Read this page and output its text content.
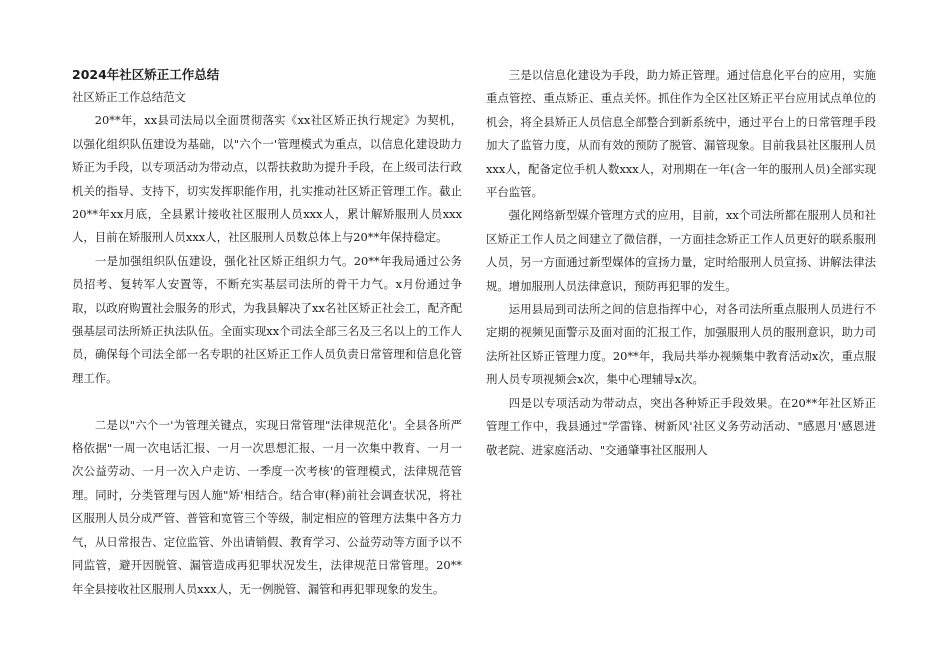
2024年社区矫正工作总结

社区矫正工作总结范文

20**年，xx县司法局以全面贯彻落实《xx社区矫正执行规定》为契机，以强化组织队伍建设为基础，以"六个一'管理模式为重点，以信息化建设助力矫正为手段，以专项活动为带动点，以帮扶救助为提升手段，在上级司法行政机关的指导、支持下，切实发挥职能作用，扎实推动社区矫正管理工作。截止20**年xx月底，全县累计接收社区服刑人员xxx人，累计解矫服刑人员xxx人，目前在矫服刑人员xxx人，社区服刑人员数总体上与20**年保持稳定。

一是加强组织队伍建设，强化社区矫正组织力气。20**年我局通过公务员招考、复转军人安置等，不断充实基层司法所的骨干力气。x月份通过争取，以政府购置社会服务的形式，为我县解决了xx名社区矫正社会工，配齐配强基层司法所矫正执法队伍。全面实现xx个司法全部三名及三名以上的工作人员，确保每个司法全部一名专职的社区矫正工作人员负责日常管理和信息化管理工作。

二是以"六个一'为管理关键点，实现日常管理"法律规范化'。全县各所严格依据"一周一次电话汇报、一月一次思想汇报、一月一次集中教育、一月一次公益劳动、一月一次入户走访、一季度一次考核'的管理模式，法律规范管理。同时，分类管理与因人施"矫'相结合。结合审(释)前社会调查状况，将社区服刑人员分成严管、普管和宽管三个等级，制定相应的管理方法集中各方力气，从日常报告、定位监管、外出请销假、教育学习、公益劳动等方面予以不同监管，避开因脱管、漏管造成再犯罪状况发生，法律规范日常管理。20**年全县接收社区服刑人员xxx人，无一例脱管、漏管和再犯罪现象的发生。

三是以信息化建设为手段，助力矫正管理。通过信息化平台的应用，实施重点管控、重点矫正、重点关怀。抓住作为全区社区矫正平台应用试点单位的机会，将全县矫正人员信息全部整合到新系统中，通过平台上的日常管理手段加大了监管力度，从而有效的预防了脱管、漏管现象。目前我县社区服刑人员xxx人，配备定位手机人数xxx人，对刑期在一年(含一年的服刑人员)全部实现平台监管。

强化网络新型媒介管理方式的应用，目前，xx个司法所都在服刑人员和社区矫正工作人员之间建立了微信群，一方面挂念矫正工作人员更好的联系服刑人员，另一方面通过新型媒体的宣扬力量，定时给服刑人员宣扬、讲解法律法规。增加服刑人员法律意识，预防再犯罪的发生。

运用县局到司法所之间的信息指挥中心，对各司法所重点服刑人员进行不定期的视频见面警示及面对面的汇报工作，加强服刑人员的服刑意识，助力司法所社区矫正管理力度。20**年，我局共举办视频集中教育活动x次，重点服刑人员专项视频会x次，集中心理辅导x次。

四是以专项活动为带动点，突出各种矫正手段效果。在20**年社区矫正管理工作中，我县通过"学雷锋、树新风'社区义务劳动活动、"感恩月'感恩进敬老院、进家庭活动、"交通肇事社区服刑人
